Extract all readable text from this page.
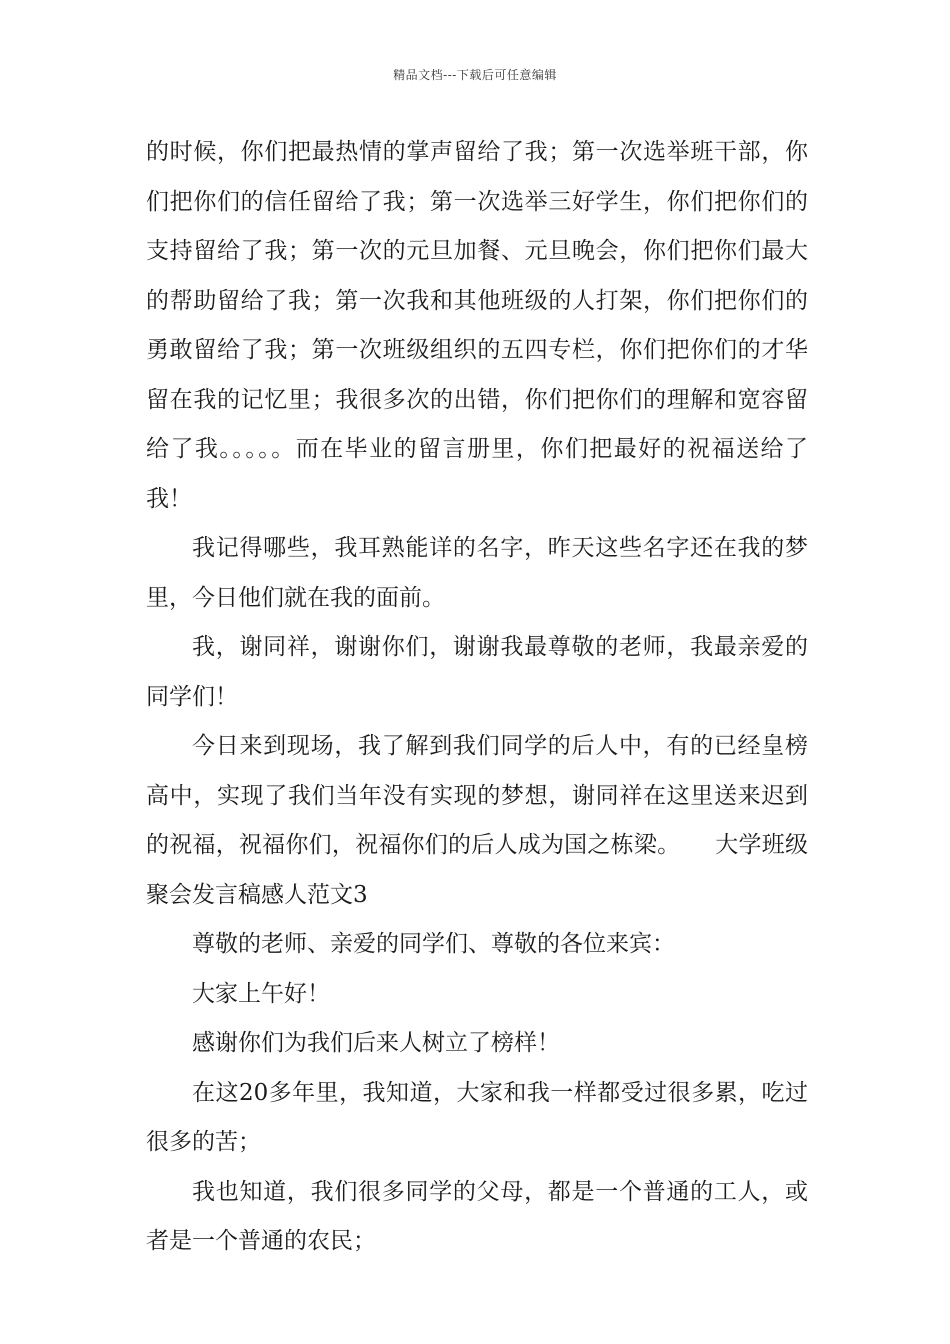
精品文档---下载后可任意编辑

的时候，你们把最热情的掌声留给了我；第一次选举班干部，你们把你们的信任留给了我；第一次选举三好学生，你们把你们的支持留给了我；第一次的元旦加餐、元旦晚会，你们把你们最大的帮助留给了我；第一次我和其他班级的人打架，你们把你们的勇敢留给了我；第一次班级组织的五四专栏，你们把你们的才华留在我的记忆里；我很多次的出错，你们把你们的理解和宽容留给了我。。。。。而在毕业的留言册里，你们把最好的祝福送给了我！

我记得哪些，我耳熟能详的名字，昨天这些名字还在我的梦里，今日他们就在我的面前。

我，谢同祥，谢谢你们，谢谢我最尊敬的老师，我最亲爱的同学们！

今日来到现场，我了解到我们同学的后人中，有的已经皇榜高中，实现了我们当年没有实现的梦想，谢同祥在这里送来迟到的祝福，祝福你们，祝福你们的后人成为国之栋梁。　　大学班级聚会发言稿感人范文3

尊敬的老师、亲爱的同学们、尊敬的各位来宾：

大家上午好！

感谢你们为我们后来人树立了榜样！

在这20多年里，我知道，大家和我一样都受过很多累，吃过很多的苦；

我也知道，我们很多同学的父母，都是一个普通的工人，或者是一个普通的农民；
